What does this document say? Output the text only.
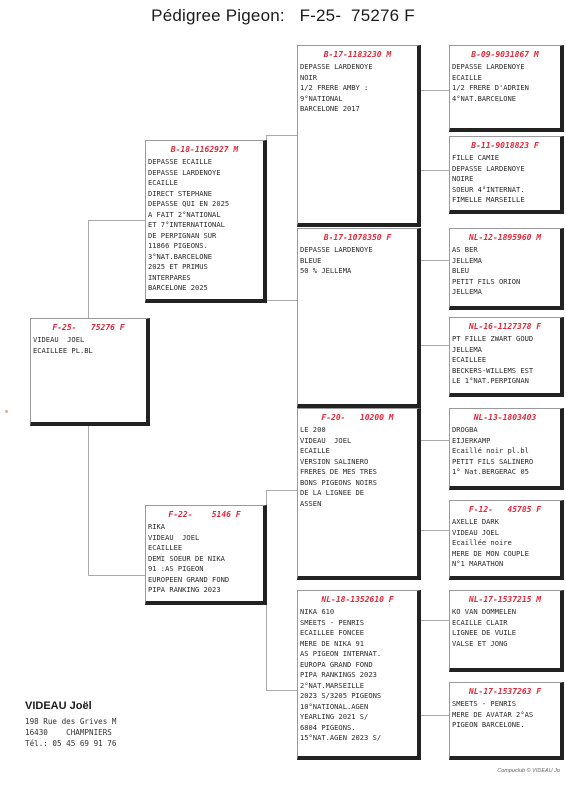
Pédigree Pigeon:   F-25-  75276 F
F-25-   75276 F
VIDEAU  JOEL
ECAILLEE PL.BL
B-18-1162927 M
DEPASSE ECAILLE
DEPASSE LARDENOYE
ECAILLE
DIRECT STEPHANE
DEPASSE QUI EN 2025
A FAIT 2°NATIONAL
ET 7°INTERNATIONAL
DE PERPIGNAN SUR
11866 PIGEONS.
3°NAT.BARCELONE
2025 ET PRIMUS
INTERPARES
BARCELONE 2025
F-22-    5146 F
RIKA
VIDEAU  JOEL
ECAILLEE
DEMI SOEUR DE NIKA
91 :AS PIGEON
EUROPEEN GRAND FOND
PIPA RANKING 2023
B-17-1183230 M
DEPASSE LARDENOYE
NOIR
1/2 FRERE AMBY :
9°NATIONAL
BARCELONE 2017
B-17-1078350 F
DEPASSE LARDENOYE
BLEUE
50 % JELLEMA
F-20-   10200 M
LE 200
VIDEAU  JOEL
ECAILLE
VERSION SALINERO
FRERES DE MES TRES
BONS PIGEONS NOIRS
DE LA LIGNEE DE
ASSEN
NL-18-1352610 F
NIKA 610
SMEETS - PENRIS
ECAILLEE FONCEE
MERE DE NIKA 91
AS PIGEON INTERNAT.
EUROPA GRAND FOND
PIPA RANKINGS 2023
2°NAT.MARSEILLE
2023 S/3205 PIGEONS
10°NATIONAL.AGEN
YEARLING 2021 S/
6804 PIGEONS.
15°NAT.AGEN 2023 S/
B-09-9031867 M
DEPASSE LARDENOYE
ECAILLE
1/2 FRERE D'ADRIEN
4°NAT.BARCELONE
B-11-9018823 F
FILLE CAMIE
DEPASSE LARDENOYE
NOIRE
SOEUR 4°INTERNAT.
FIMELLE MARSEILLE
NL-12-1895960 M
AS BER
JELLEMA
BLEU
PETIT FILS ORION
JELLEMA
NL-16-1127378 F
PT FILLE ZWART GOUD
JELLEMA
ECAILLEE
BECKERS-WILLEMS EST
LE 1°NAT.PERPIGNAN
NL-13-1803403
DROGBA
EIJERKAMP
Ecaillé noir pl.bl
PETIT FILS SALINERO
1° Nat.BERGERAC 05
F-12-   45785 F
AXELLE DARK
VIDEAU JOEL
Ecaillée noire
MERE DE MON COUPLE
N°1 MARATHON
NL-17-1537215 M
KO VAN DOMMELEN
ECAILLE CLAIR
LIGNEE DE VUILE
VALSE ET JONG
NL-17-1537263 F
SMEETS - PENRIS
MERE DE AVATAR 2°AS
PIGEON BARCELONE.
VIDEAU Joël
198 Rue des Grives M
16430    CHAMPNIERS
Tél.: 05 45 69 91 76
Compuclub © VIDEAU Jo
